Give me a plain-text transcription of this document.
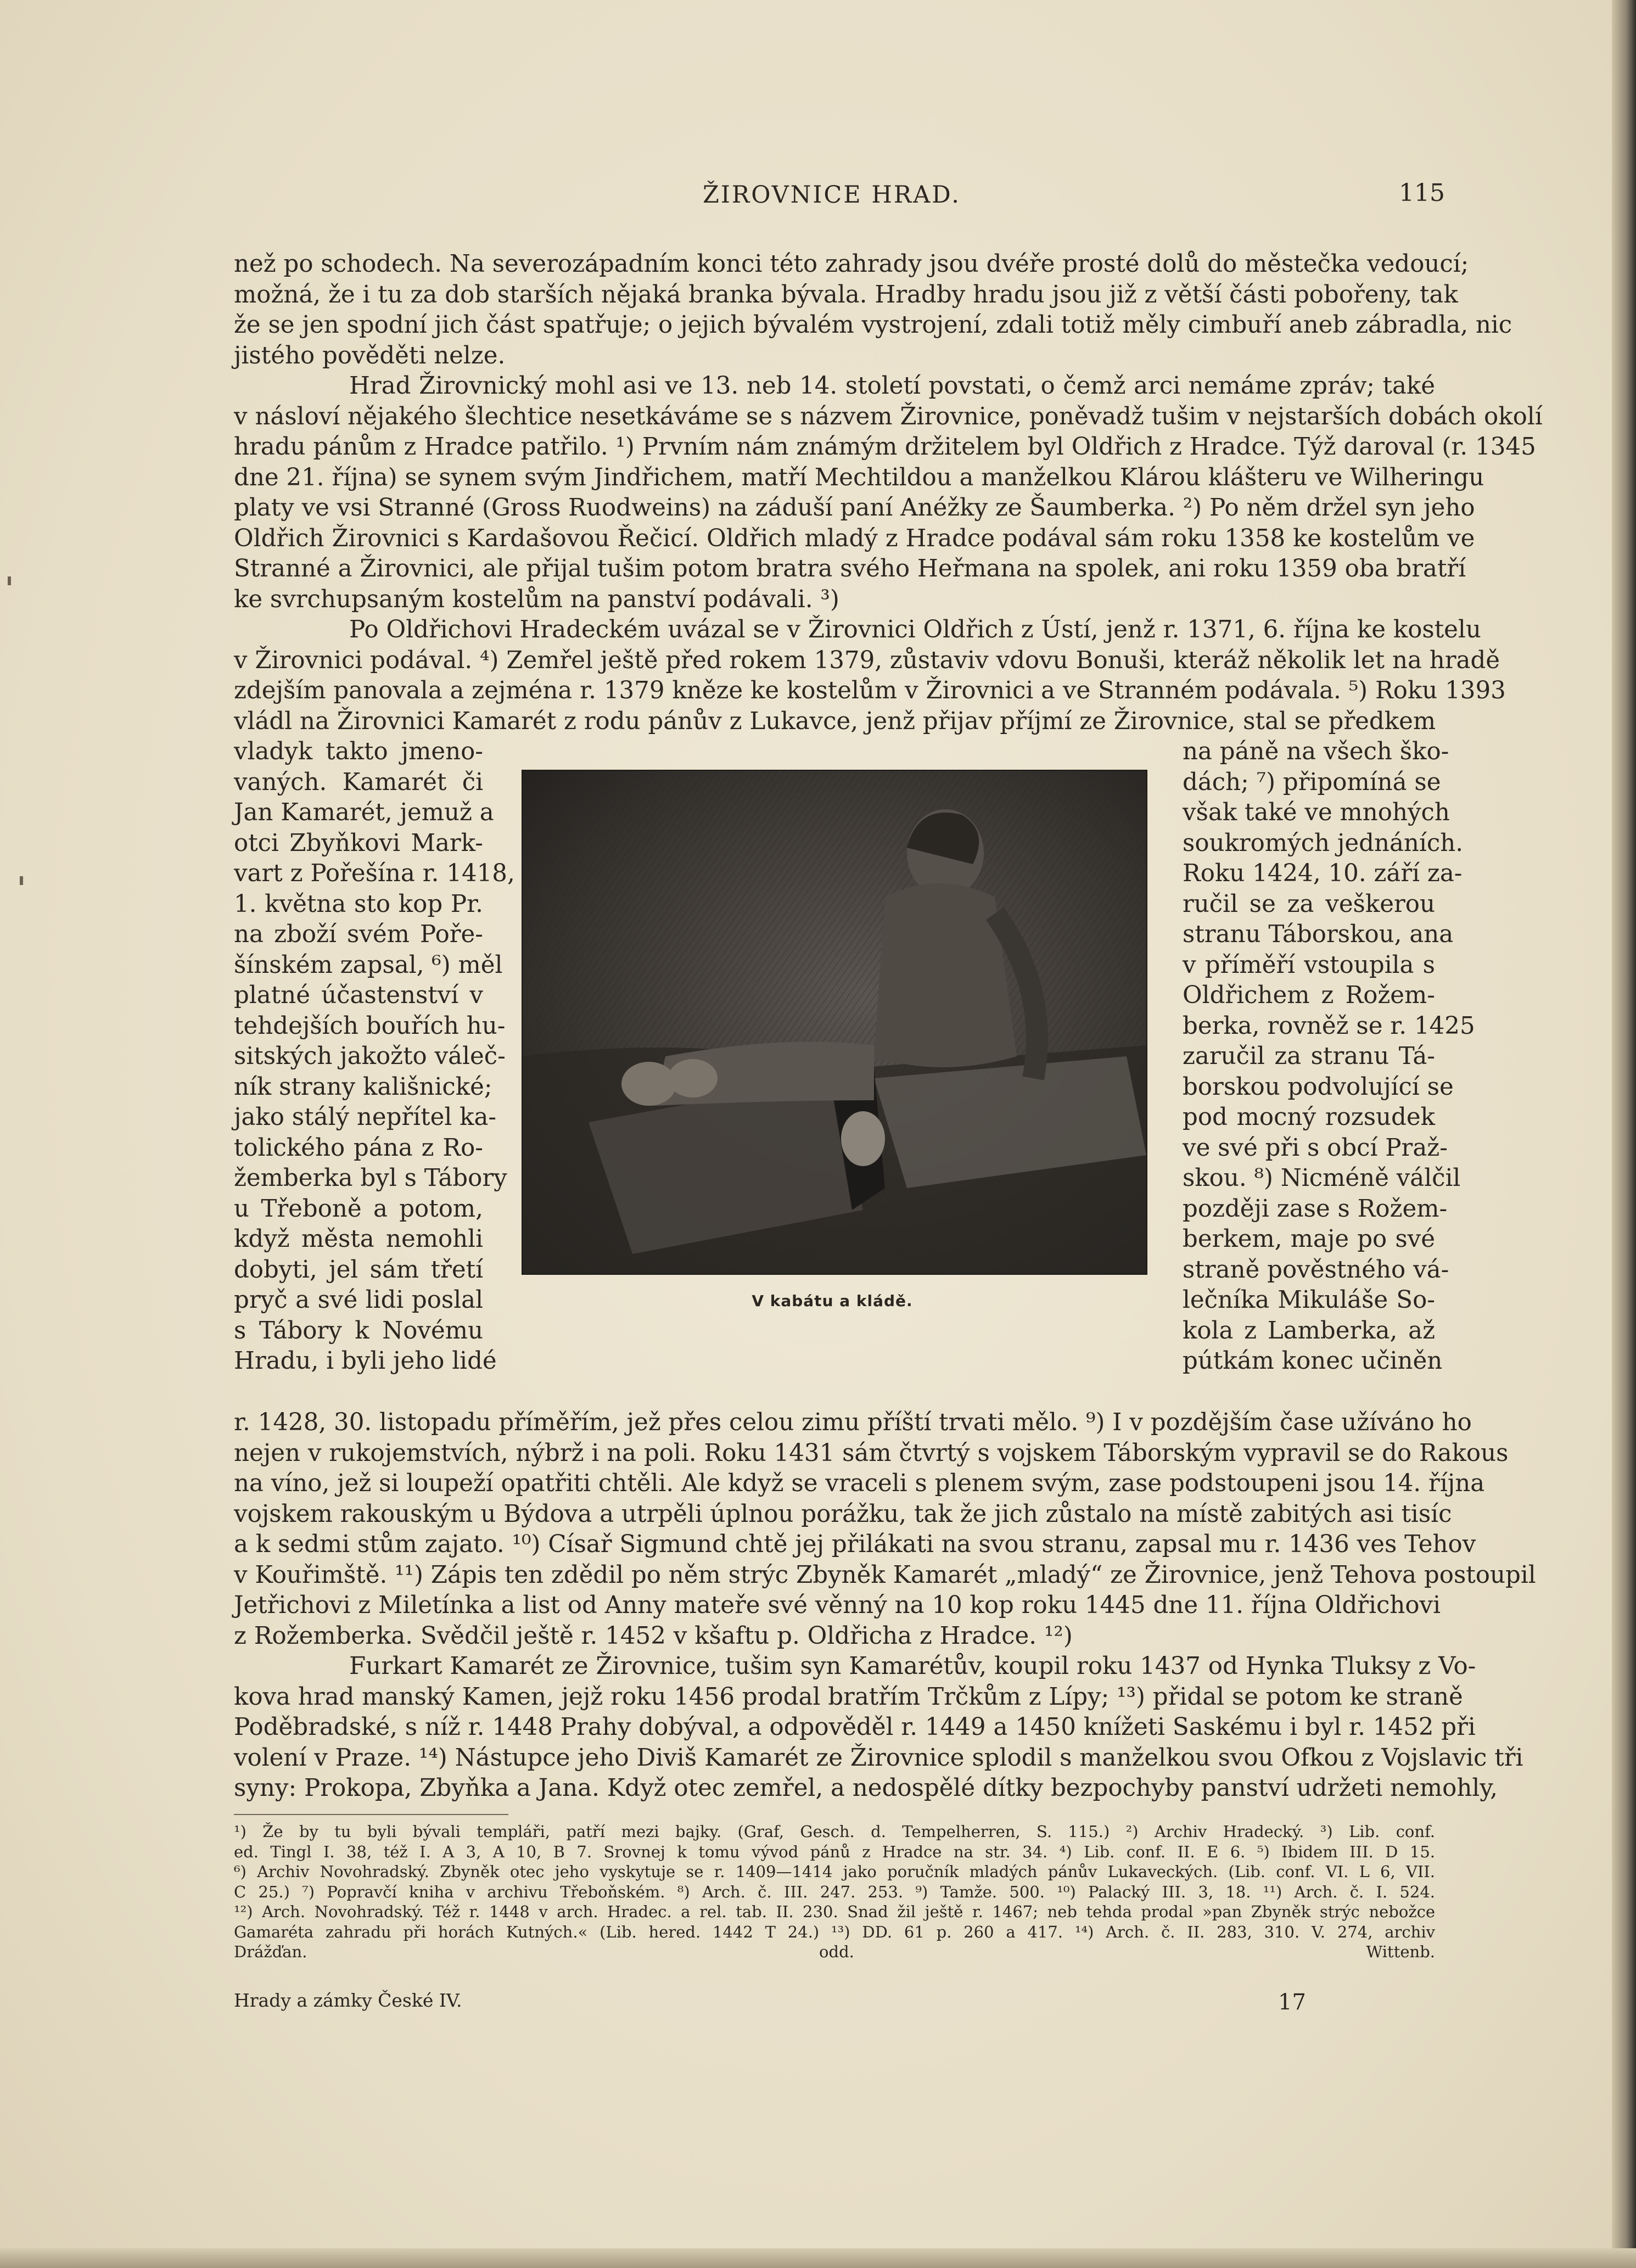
ŽIROVNICE HRAD.	115

než po schodech. Na severozápadním konci této zahrady jsou dvéře prosté dolů do městečka vedoucí;
možná, že i tu za dob starších nějaká branka bývala. Hradby hradu jsou již z větší části pobořeny, tak
že se jen spodní jich část spatřuje; o jejich bývalém vystrojení, zdali totiž měly cimbuří aneb zábradla, nic
jistého pověděti nelze.

Hrad Žirovnický mohl asi ve 13. neb 14. století povstati, o čemž arci nemáme zpráv; také
v násloví nějakého šlechtice nesetkáváme se s názvem Žirovnice, poněvadž tušim v nejstarších dobách okolí
hradu pánům z Hradce patřilo. ¹) Prvním nám známým držitelem byl Oldřich z Hradce. Týž daroval (r. 1345
dne 21. října) se synem svým Jindřichem, matří Mechtildou a manželkou Klárou klášteru ve Wilheringu
platy ve vsi Stranné (Gross Ruodweins) na záduší paní Anéžky ze Šaumberka. ²) Po něm držel syn jeho
Oldřich Žirovnici s Kardašovou Řečicí. Oldřich mladý z Hradce podával sám roku 1358 ke kostelům ve
Stranné a Žirovnici, ale přijal tušim potom bratra svého Heřmana na spolek, ani roku 1359 oba bratří
ke svrchupsaným kostelům na panství podávali. ³)

Po Oldřichovi Hradeckém uvázal se v Žirovnici Oldřich z Ústí, jenž r. 1371, 6. října ke kostelu
v Žirovnici podával. ⁴) Zemřel ještě před rokem 1379, zůstaviv vdovu Bonuši, kteráž několik let na hradě
zdejším panovala a zejména r. 1379 kněze ke kostelům v Žirovnici a ve Stranném podávala. ⁵) Roku 1393
vládl na Žirovnici Kamarét z rodu pánův z Lukavce, jenž přijav příjmí ze Žirovnice, stal se předkem

vladyk takto jmeno-
vaných. Kamarét či
Jan Kamarét, jemuž a
otci Zbyňkovi Mark-
vart z Pořešína r. 1418,
1. května sto kop Pr.
na zboží svém Poře-
šínském zapsal, ⁶) měl
platné účastenství v
tehdejších bouřích hu-
sitských jakožto váleč-
ník strany kališnické;
jako stálý nepřítel ka-
tolického pána z Ro-
žemberka byl s Tábory
u Třeboně a potom,
když města nemohli
dobyti, jel sám třetí
pryč a své lidi poslal
s Tábory k Novému
Hradu, i byli jeho lidé
V kabátu a kládě.
na páně na všech ško-
dách; ⁷) připomíná se
však také ve mnohých
soukromých jednáních.
Roku 1424, 10. září za-
ručil se za veškerou
stranu Táborskou, ana
v příměří vstoupila s
Oldřichem z Rožem-
berka, rovněž se r. 1425
zaručil za stranu Tá-
borskou podvolující se
pod mocný rozsudek
ve své při s obcí Praž-
skou. ⁸) Nicméně válčil
později zase s Rožem-
berkem, maje po své
straně pověstného vá-
lečníka Mikuláše So-
kola z Lamberka, až
pútkám konec učiněn

r. 1428, 30. listopadu příměřím, jež přes celou zimu příští trvati mělo. ⁹) I v pozdějším čase užíváno ho
nejen v rukojemstvích, nýbrž i na poli. Roku 1431 sám čtvrtý s vojskem Táborským vypravil se do Rakous
na víno, jež si loupeží opatřiti chtěli. Ale když se vraceli s plenem svým, zase podstoupeni jsou 14. října
vojskem rakouským u Býdova a utrpěli úplnou porážku, tak že jich zůstalo na místě zabitých asi tisíc
a k sedmi stům zajato. ¹⁰) Císař Sigmund chtě jej přilákati na svou stranu, zapsal mu r. 1436 ves Tehov
v Kouřimště. ¹¹) Zápis ten zdědil po něm strýc Zbyněk Kamarét „mladý“ ze Žirovnice, jenž Tehova postoupil
Jetřichovi z Miletínka a list od Anny mateře své věnný na 10 kop roku 1445 dne 11. října Oldřichovi
z Rožemberka. Svědčil ještě r. 1452 v kšaftu p. Oldřicha z Hradce. ¹²)

Furkart Kamarét ze Žirovnice, tušim syn Kamarétův, koupil roku 1437 od Hynka Tluksy z Vo-
kova hrad manský Kamen, jejž roku 1456 prodal bratřím Trčkům z Lípy; ¹³) přidal se potom ke straně
Poděbradské, s níž r. 1448 Prahy dobýval, a odpověděl r. 1449 a 1450 knížeti Saskému i byl r. 1452 při
volení v Praze. ¹⁴) Nástupce jeho Diviš Kamarét ze Žirovnice splodil s manželkou svou Ofkou z Vojslavic tři
syny: Prokopa, Zbyňka a Jana. Když otec zemřel, a nedospělé dítky bezpochyby panství udržeti nemohly,

¹) Že by tu byli bývali templáři, patří mezi bajky. (Graf, Gesch. d. Tempelherren, S. 115.) ²) Archiv Hradecký. ³) Lib. conf.
ed. Tingl I. 38, též I. A 3, A 10, B 7. Srovnej k tomu vývod pánů z Hradce na str. 34. ⁴) Lib. conf. II. E 6. ⁵) Ibidem III. D 15.
⁶) Archiv Novohradský. Zbyněk otec jeho vyskytuje se r. 1409—1414 jako poručník mladých pánův Lukaveckých. (Lib. conf. VI. L 6, VII.
C 25.) ⁷) Popravčí kniha v archivu Třeboňském. ⁸) Arch. č. III. 247. 253. ⁹) Tamže. 500. ¹⁰) Palacký III. 3, 18. ¹¹) Arch. č. I. 524.
¹²) Arch. Novohradský. Též r. 1448 v arch. Hradec. a rel. tab. II. 230. Snad žil ještě r. 1467; neb tehda prodal »pan Zbyněk strýc nebožce
Gamaréta zahradu při horách Kutných.« (Lib. hered. 1442 T 24.) ¹³) DD. 61 p. 260 a 417. ¹⁴) Arch. č. II. 283, 310. V. 274, archiv
Drážďan. odd. Wittenb.
Hrady a zámky České IV.	17
